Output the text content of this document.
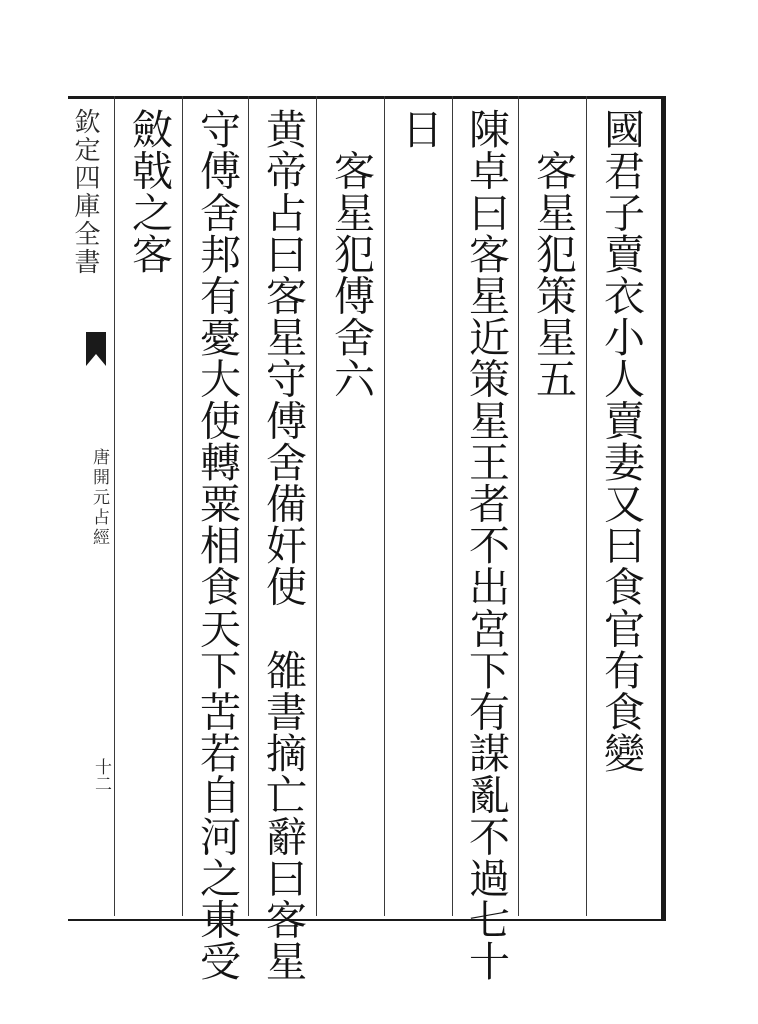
欽定四庫全書
唐開元占經
十二
國君子賣衣小人賣妻又曰食官有食變
　客星犯策星五
陳卓曰客星近策星王者不出宮下有謀亂不過七十
日
　客星犯傅舍六
黄帝占曰客星守傅舍備奸使　雒書摘亡辭曰客星
守傅舍邦有憂大使轉粟相食天下苦若自河之東受
斂戟之客
